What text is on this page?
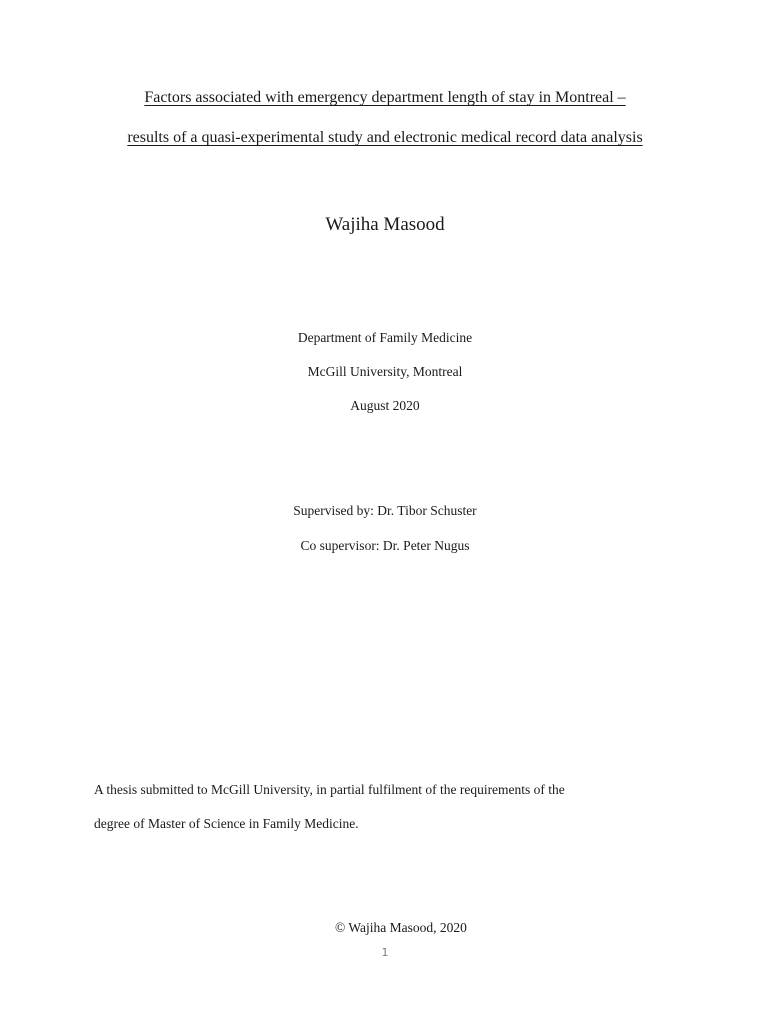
Factors associated with emergency department length of stay in Montreal –
results of a quasi-experimental study and electronic medical record data analysis
Wajiha Masood
Department of Family Medicine
McGill University, Montreal
August 2020
Supervised by: Dr. Tibor Schuster
Co supervisor: Dr. Peter Nugus
A thesis submitted to McGill University, in partial fulfilment of the requirements of the
degree of Master of Science in Family Medicine.
© Wajiha Masood, 2020
1
